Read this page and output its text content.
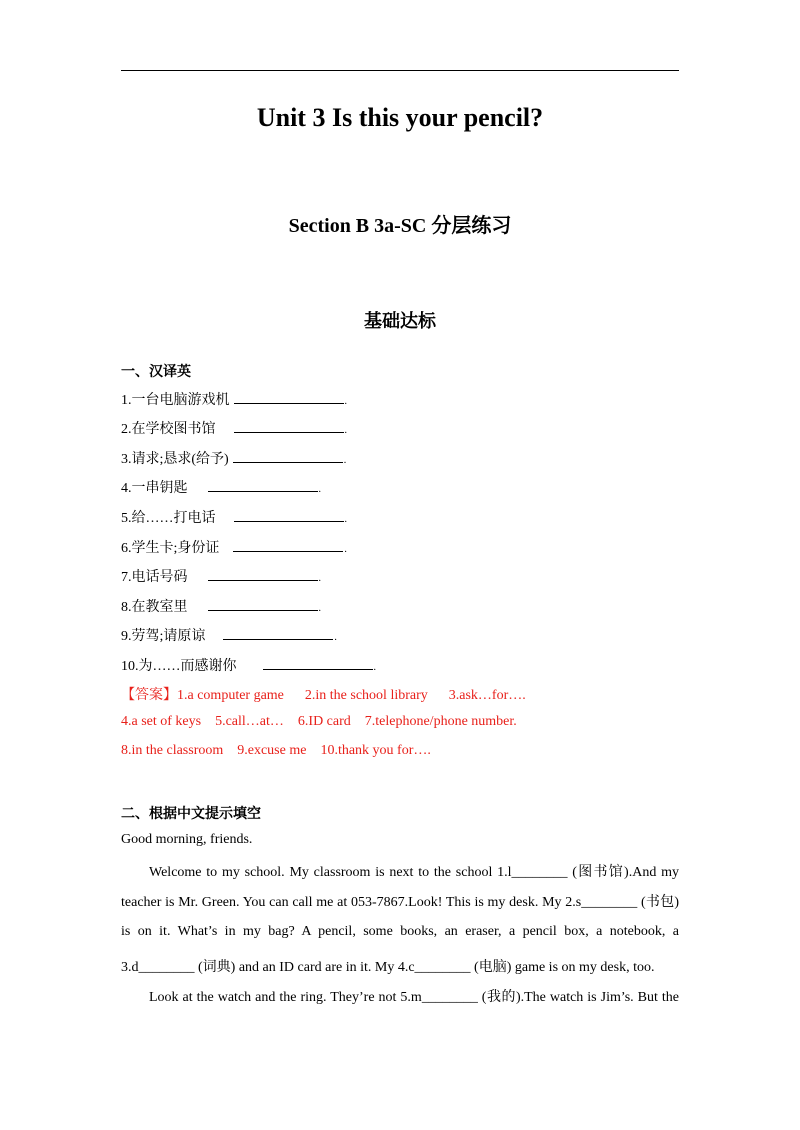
Unit 3 Is this your pencil?
Section B 3a-SC 分层练习
基础达标
一、汉译英
1.一台电脑游戏机	.
2.在学校图书馆	.
3.请求;恳求(给予)	.
4.一串钥匙	.
5.给……打电话	.
6.学生卡;身份证	.
7.电话号码	.
8.在教室里	.
9.劳驾;请原谅	.
10.为……而感谢你	.
【答案】1.a computer game      2.in the school library      3.ask…for….
4.a set of keys    5.call…at…    6.ID card    7.telephone/phone number.
8.in the classroom    9.excuse me    10.thank you for….
二、根据中文提示填空
Good morning, friends.
Welcome to my school. My classroom is next to the school 1.l________ (图书馆).And my
teacher is Mr. Green. You can call me at 053-7867.Look! This is my desk. My 2.s________ (书包)
is on it. What’s in my bag? A pencil, some books, an eraser, a pencil box, a notebook, a
3.d________ (词典) and an ID card are in it. My 4.c________ (电脑) game is on my desk, too.
Look at the watch and the ring. They’re not 5.m________ (我的).The watch is Jim’s. But the
